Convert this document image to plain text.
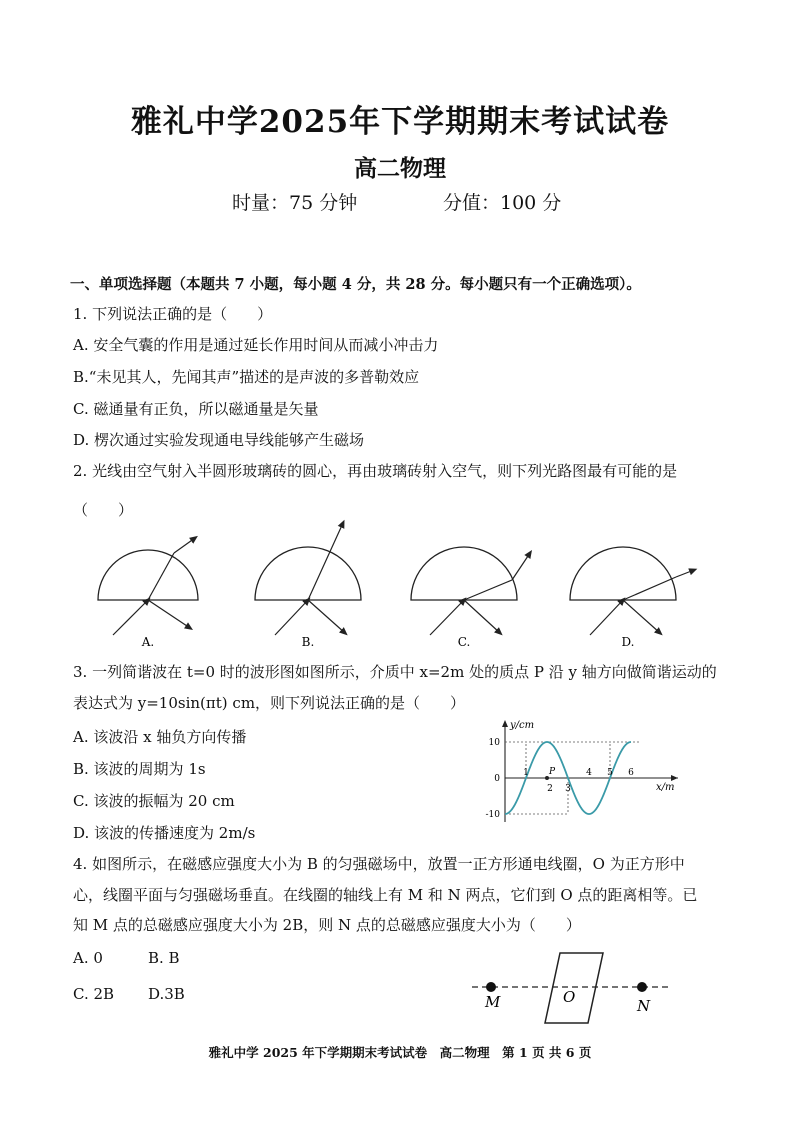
雅礼中学2025年下学期期末考试试卷
高二物理
时量：75 分钟	分值：100 分
一、单项选择题（本题共 7 小题，每小题 4 分，共 28 分。每小题只有一个正确选项）。
1. 下列说法正确的是（　　）
A. 安全气囊的作用是通过延长作用时间从而减小冲击力
B.“未见其人，先闻其声”描述的是声波的多普勒效应
C. 磁通量有正负，所以磁通量是矢量
D. 楞次通过实验发现通电导线能够产生磁场
2. 光线由空气射入半圆形玻璃砖的圆心，再由玻璃砖射入空气，则下列光路图最有可能的是
（　　）
A.	B.	C.	D.
3. 一列简谐波在 t=0 时的波形图如图所示，介质中 x=2m 处的质点 P 沿 y 轴方向做简谐运动的
表达式为 y=10sin(πt) cm，则下列说法正确的是（　　）
A. 该波沿 x 轴负方向传播
B. 该波的周期为 1s
C. 该波的振幅为 20 cm
D. 该波的传播速度为 2m/s
y/cm
x/m
10
0
-10
P
1
2 3
4 5 6
4. 如图所示，在磁感应强度大小为 B 的匀强磁场中，放置一正方形通电线圈，O 为正方形中
心，线圈平面与匀强磁场垂直。在线圈的轴线上有 M 和 N 两点，它们到 O 点的距离相等。已
知 M 点的总磁感应强度大小为 2B，则 N 点的总磁感应强度大小为（　　）
A. 0	B. B
C. 2B D.3B	M	O	N
雅礼中学 2025 年下学期期末考试试卷　高二物理　第 1 页 共 6 页
